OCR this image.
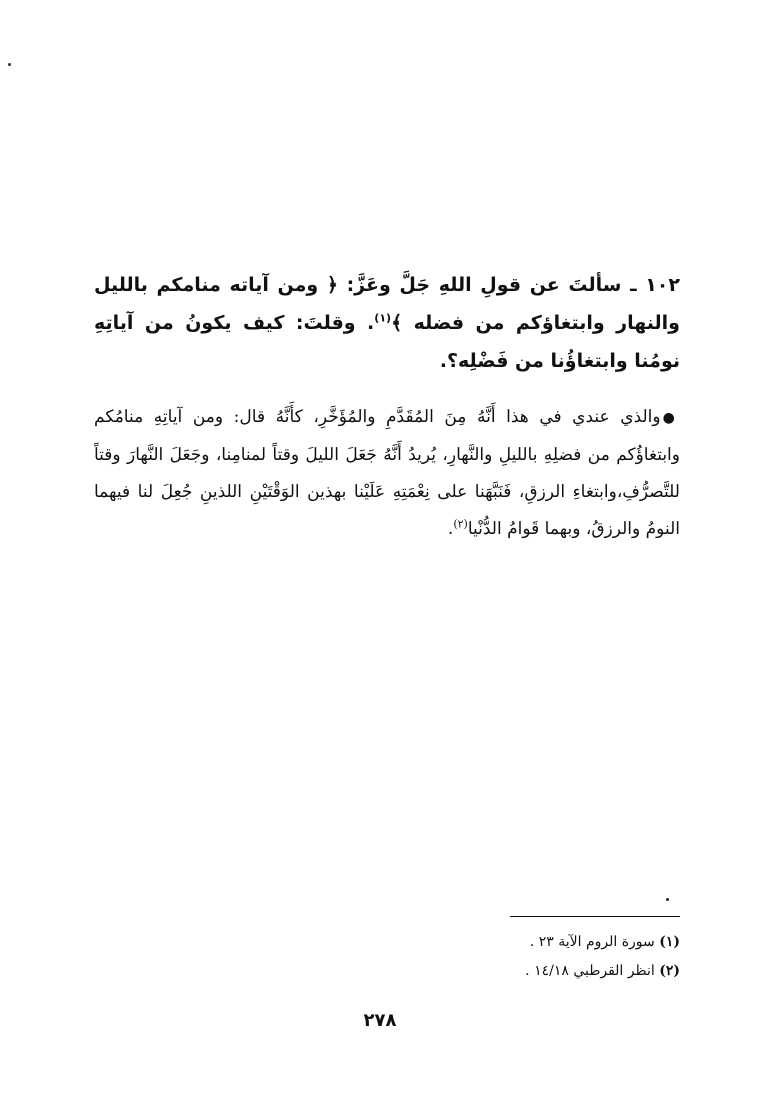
١٠٢ ـ سألتَ عن قولِ اللهِ جَلَّ وعَزَّ: ﴿ ومن آياته منامكم بالليل والنهار وابتغاؤكم من فضله ﴾$^{(١)}$. وقلتَ: كيف يكونُ من آياتِهِ نومُنا وابتغاؤُنا من فَضْلِه؟.

●والذي عندي في هذا أَنَّهُ مِنَ المُقَدَّمِ والمُؤَخَّرِ، كأَنَّهُ قال: ومن آياتِهِ منامُكم وابتغاؤُكم من فضلِهِ بالليلِ والنَّهارِ، يُريدُ أَنَّهُ جَعَلَ الليلَ وقتاً لمنامِنا، وجَعَلَ النَّهارَ وقتاً للتَّصرُّفِ،وابتغاءِ الرزقِ، فَنَبَّهَنا على نِعْمَتِهِ عَلَيْنا بهذين الوَقْتَيْنِ اللذينِ جُعِلَ لنا فيهما النومُ والرزقُ، وبهما قَوامُ الدُّنْيا$^{(٢)}$.

(١) سورة الروم الآية ٢٣ .
(٢) انظر القرطبي ١٤/١٨ .
٢٧٨
